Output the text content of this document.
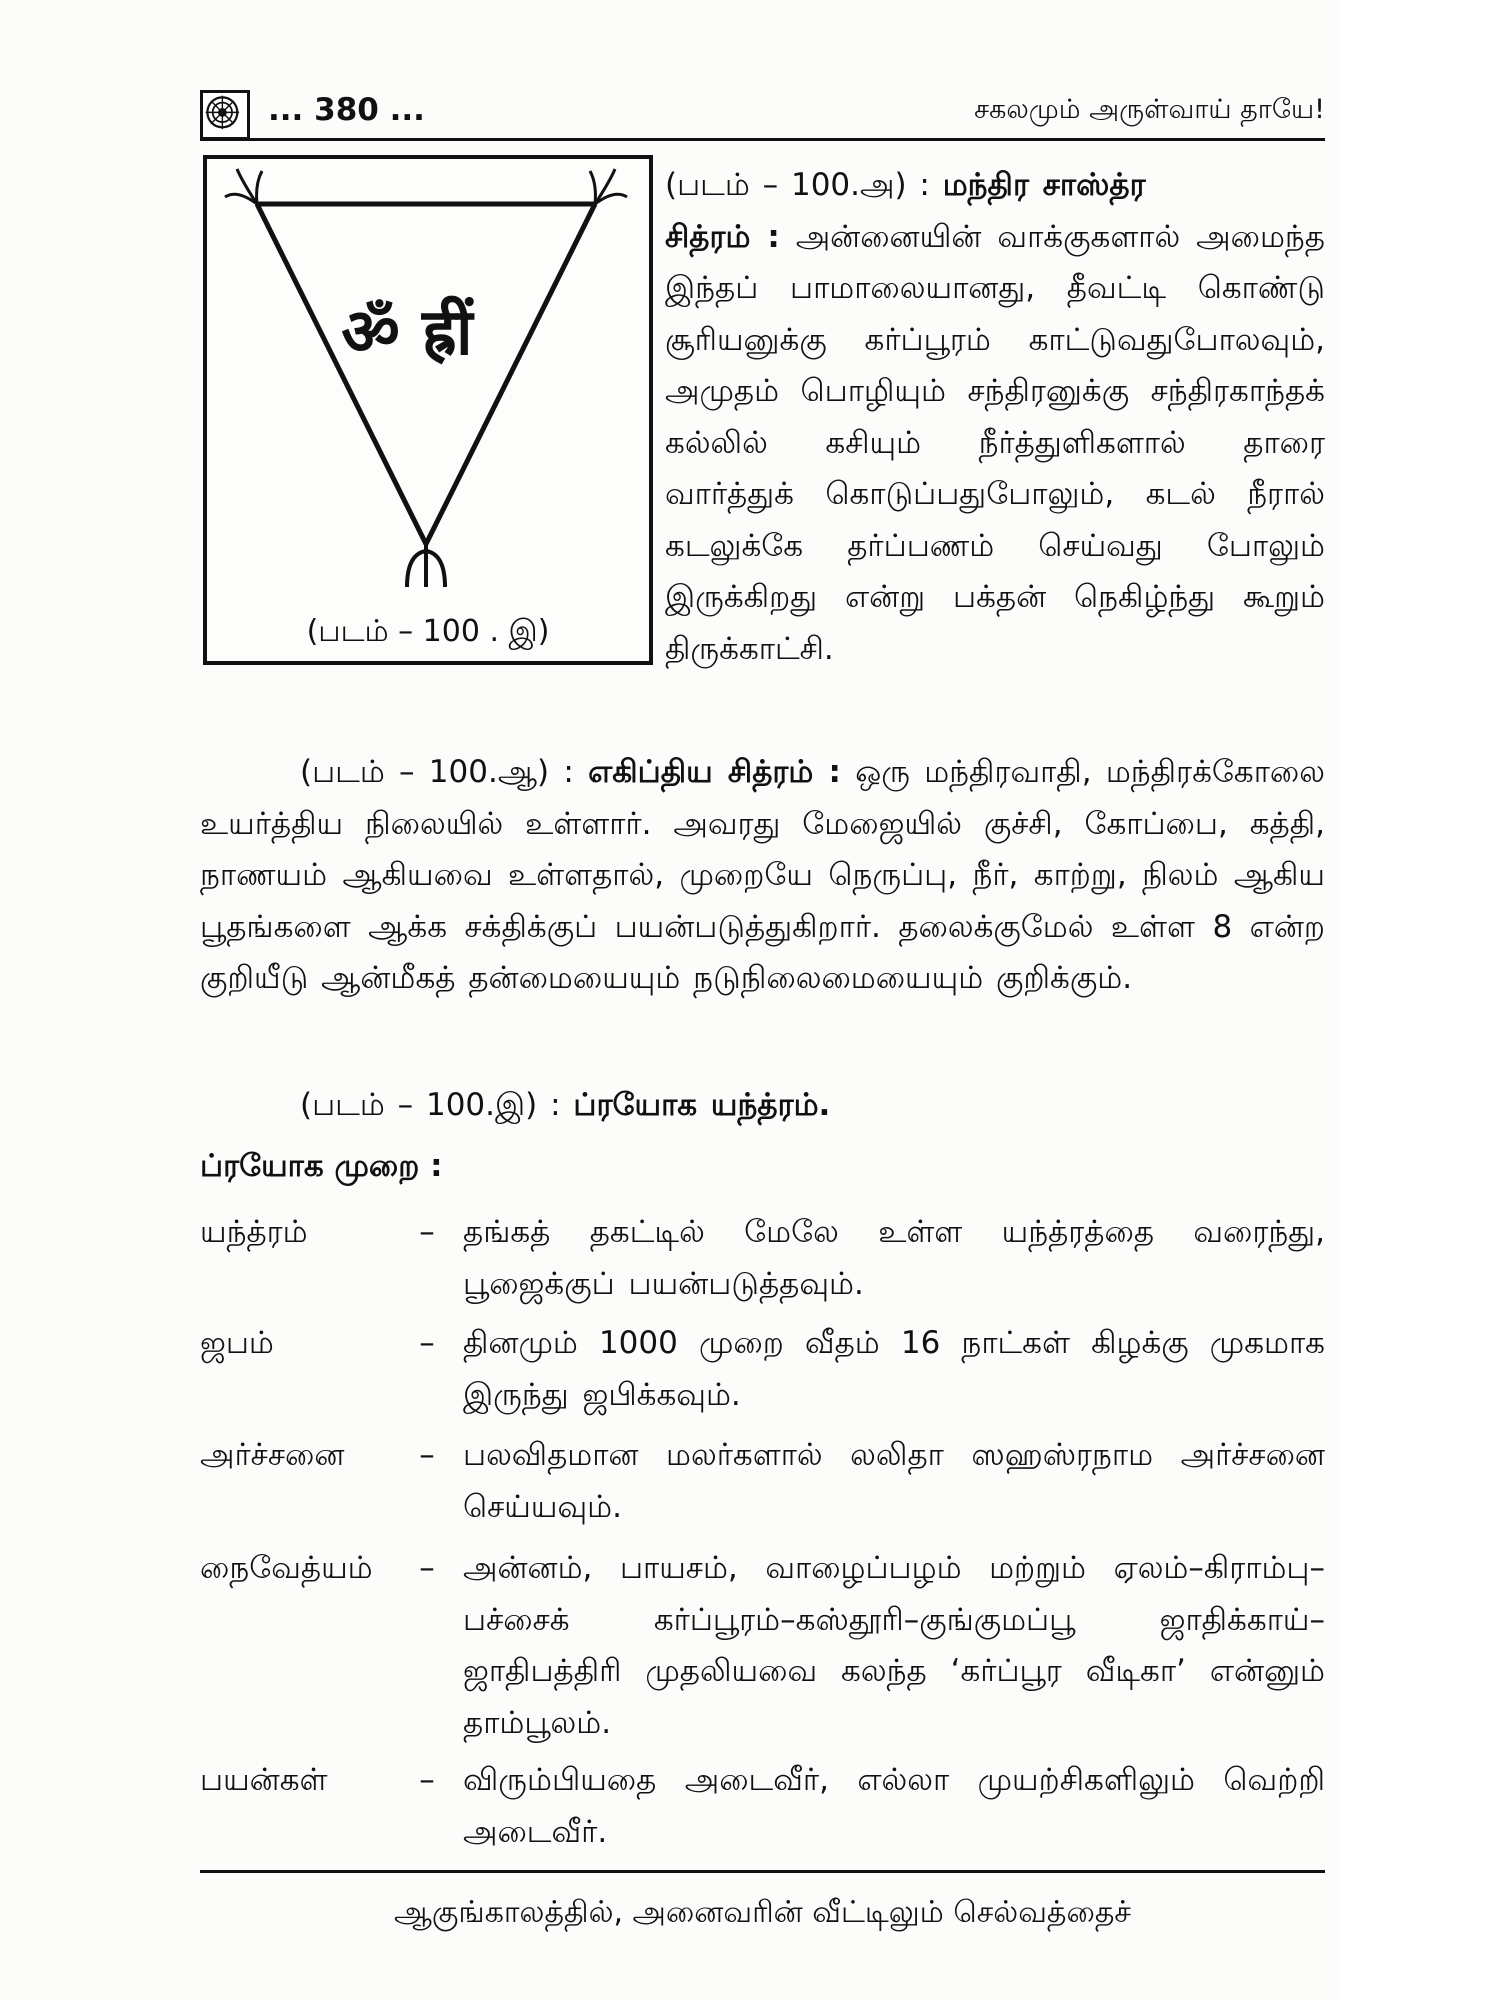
... 380 ...	சகலமும் அருள்வாய் தாயே!
ॐ ह्रीं
(படம் – 100 . இ)
(படம் – 100.அ) : மந்திர சாஸ்த்ர
சித்ரம் : அன்னையின் வாக்குகளால் அமைந்த இந்தப் பாமாலையானது, தீவட்டி கொண்டு சூரியனுக்கு கர்ப்பூரம் காட்டுவதுபோலவும், அமுதம் பொழியும் சந்திரனுக்கு சந்திரகாந்தக் கல்லில் கசியும் நீர்த்துளிகளால் தாரை வார்த்துக் கொடுப்பதுபோலும், கடல் நீரால் கடலுக்கே தர்ப்பணம் செய்வது போலும் இருக்கிறது என்று பக்தன் நெகிழ்ந்து கூறும் திருக்காட்சி.
(படம் – 100.ஆ) : எகிப்திய சித்ரம் : ஒரு மந்திரவாதி, மந்திரக்கோலை உயர்த்திய நிலையில் உள்ளார். அவரது மேஜையில் குச்சி, கோப்பை, கத்தி, நாணயம் ஆகியவை உள்ளதால், முறையே நெருப்பு, நீர், காற்று, நிலம் ஆகிய பூதங்களை ஆக்க சக்திக்குப் பயன்படுத்துகிறார். தலைக்குமேல் உள்ள 8 என்ற குறியீடு ஆன்மீகத் தன்மையையும் நடுநிலைமையையும் குறிக்கும்.
(படம் – 100.இ) : ப்ரயோக யந்த்ரம்.
ப்ரயோக முறை :
யந்த்ரம்	– தங்கத் தகட்டில் மேலே உள்ள யந்த்ரத்தை வரைந்து, பூஜைக்குப் பயன்படுத்தவும்.
ஜபம்	– தினமும் 1000 முறை வீதம் 16 நாட்கள் கிழக்கு முகமாக இருந்து ஜபிக்கவும்.
அர்ச்சனை	– பலவிதமான மலர்களால் லலிதா ஸஹஸ்ரநாம அர்ச்சனை செய்யவும்.
நைவேத்யம்	– அன்னம், பாயசம், வாழைப்பழம் மற்றும் ஏலம்–கிராம்பு–பச்சைக் கர்ப்பூரம்–கஸ்தூரி–குங்குமப்பூ ஜாதிக்காய்–ஜாதிபத்திரி முதலியவை கலந்த ‘கர்ப்பூர வீடிகா’ என்னும் தாம்பூலம்.
பயன்கள்	– விரும்பியதை அடைவீர், எல்லா முயற்சிகளிலும் வெற்றி அடைவீர்.
ஆகுங்காலத்தில், அனைவரின் வீட்டிலும் செல்வத்தைச்
